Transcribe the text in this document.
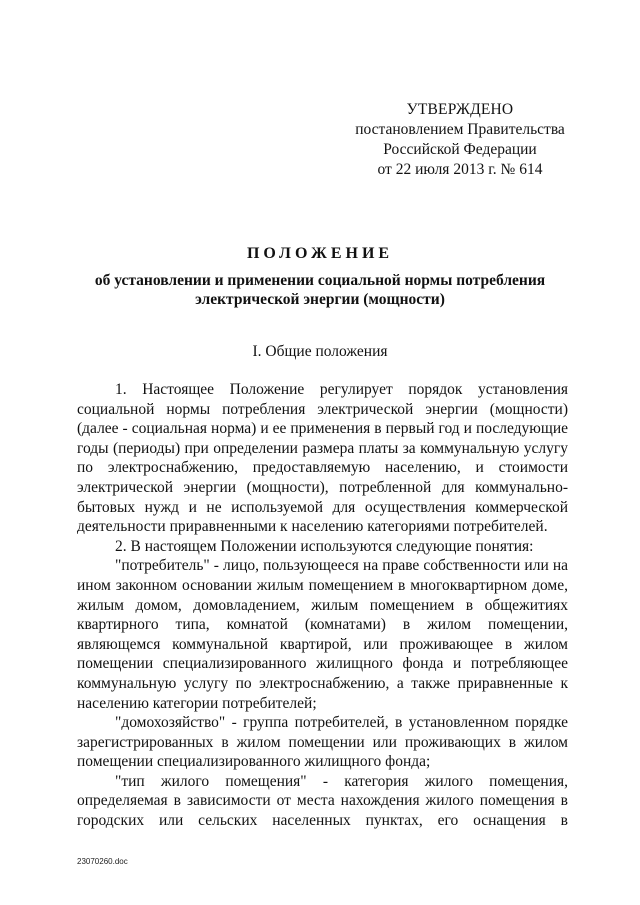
УТВЕРЖДЕНО
постановлением Правительства
Российской Федерации
от 22 июля 2013 г. № 614
ПОЛОЖЕНИЕ
об установлении и применении социальной нормы потребления электрической энергии (мощности)
I. Общие положения

1. Настоящее Положение регулирует порядок установления социальной нормы потребления электрической энергии (мощности) (далее - социальная норма) и ее применения в первый год и последующие годы (периоды) при определении размера платы за коммунальную услугу по электроснабжению, предоставляемую населению, и стоимости электрической энергии (мощности), потребленной для коммунально-бытовых нужд и не используемой для осуществления коммерческой деятельности приравненными к населению категориями потребителей.

2. В настоящем Положении используются следующие понятия:

"потребитель" - лицо, пользующееся на праве собственности или на ином законном основании жилым помещением в многоквартирном доме, жилым домом, домовладением, жилым помещением в общежитиях квартирного типа, комнатой (комнатами) в жилом помещении, являющемся коммунальной квартирой, или проживающее в жилом помещении специализированного жилищного фонда и потребляющее коммунальную услугу по электроснабжению, а также приравненные к населению категории потребителей;

"домохозяйство" - группа потребителей, в установленном порядке зарегистрированных в жилом помещении или проживающих в жилом помещении специализированного жилищного фонда;

"тип жилого помещения" - категория жилого помещения, определяемая в зависимости от места нахождения жилого помещения в городских или сельских населенных пунктах, его оснащения в

23070260.doc
